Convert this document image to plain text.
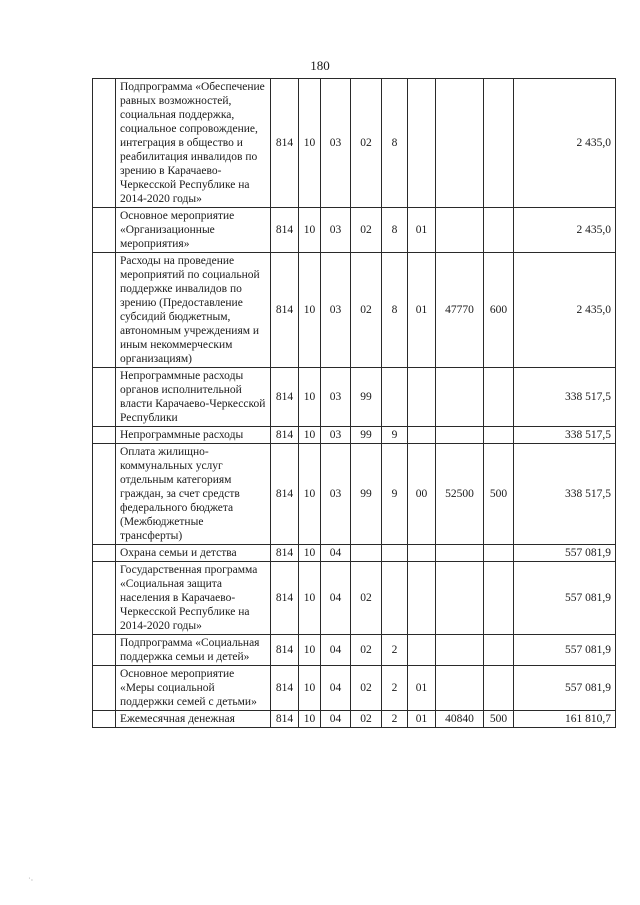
180
	Подпрограмма «Обеспечение равных возможностей, социальная поддержка, социальное сопровождение, интеграция в общество и реабилитация инвалидов по зрению в Карачаево-Черкесской Республике на 2014-2020 годы»	814	10	03	02	8				2 435,0
	Основное мероприятие «Организационные мероприятия»	814	10	03	02	8	01			2 435,0
	Расходы на проведение мероприятий по социальной поддержке инвалидов по зрению (Предоставление субсидий бюджетным, автономным учреждениям и иным некоммерческим организациям)	814	10	03	02	8	01	47770	600	2 435,0
	Непрограммные расходы органов исполнительной власти Карачаево-Черкесской Республики	814	10	03	99					338 517,5
	Непрограммные расходы	814	10	03	99	9				338 517,5
	Оплата жилищно-коммунальных услуг отдельным категориям граждан, за счет средств федерального бюджета (Межбюджетные трансферты)	814	10	03	99	9	00	52500	500	338 517,5
	Охрана семьи и детства	814	10	04						557 081,9
	Государственная программа «Социальная защита населения в Карачаево-Черкесской Республике на 2014-2020 годы»	814	10	04	02					557 081,9
	Подпрограмма «Социальная поддержка семьи и детей»	814	10	04	02	2				557 081,9
	Основное мероприятие «Меры социальной поддержки семей с детьми»	814	10	04	02	2	01			557 081,9
	Ежемесячная денежная	814	10	04	02	2	01	40840	500	161 810,7
˙·
